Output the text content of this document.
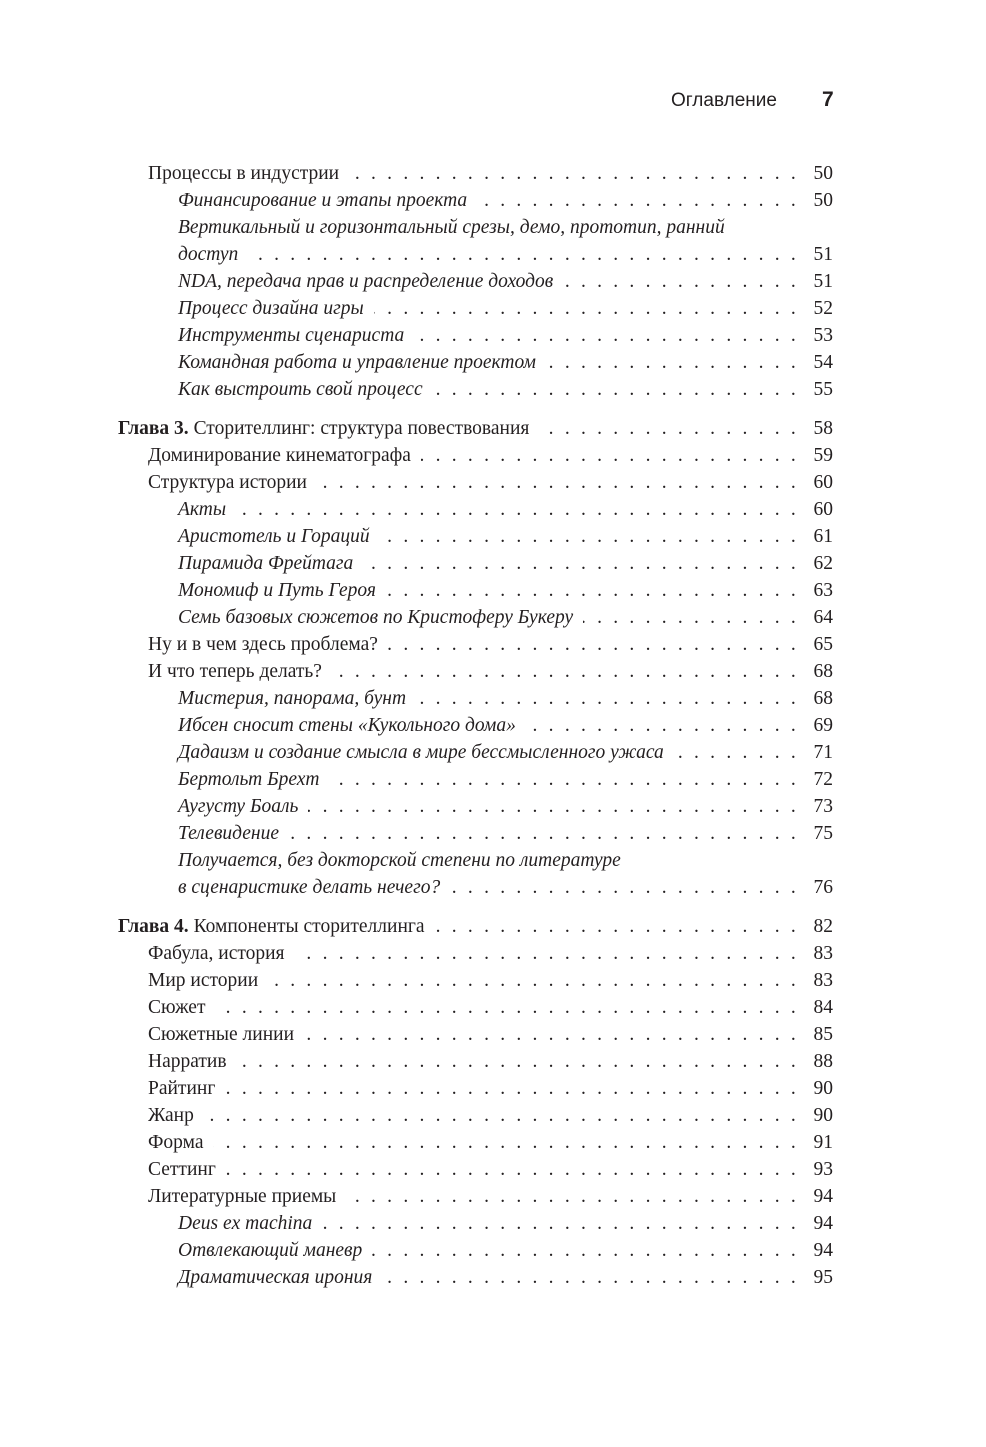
Оглавление 7
Процессы в индустрии . . .	50
Финансирование и этапы проекта . . .	50
Вертикальный и горизонтальный срезы, демо, прототип, ранний
доступ . . .	51
NDA, передача прав и распределение доходов . . .	51
Процесс дизайна игры . . .	52
Инструменты сценариста . . .	53
Командная работа и управление проектом . . .	54
Как выстроить свой процесс . . .	55
Глава 3. Сторителлинг: структура повествования . . .	58
Доминирование кинематографа . . .	59
Структура истории . . .	60
Акты . . .	60
Аристотель и Гораций . . .	61
Пирамида Фрейтага . . .	62
Мономиф и Путь Героя . . .	63
Семь базовых сюжетов по Кристоферу Букеру . . .	64
Ну и в чем здесь проблема? . . .	65
И что теперь делать? . . .	68
Мистерия, панорама, бунт . . .	68
Ибсен сносит стены «Кукольного дома» . . .	69
Дадаизм и создание смысла в мире бессмысленного ужаса . . .	71
Бертольт Брехт . . .	72
Аугусту Боаль . . .	73
Телевидение . . .	75
Получается, без докторской степени по литературе
в сценаристике делать нечего? . . .	76
Глава 4. Компоненты сторителлинга . . .	82
Фабула, история . . .	83
Мир истории . . .	83
Сюжет . . .	84
Сюжетные линии . . .	85
Нарратив . . .	88
Райтинг . . .	90
Жанр . . .	90
Форма . . .	91
Сеттинг . . .	93
Литературные приемы . . .	94
Deus ex machina . . .	94
Отвлекающий маневр . . .	94
Драматическая ирония . . .	95
